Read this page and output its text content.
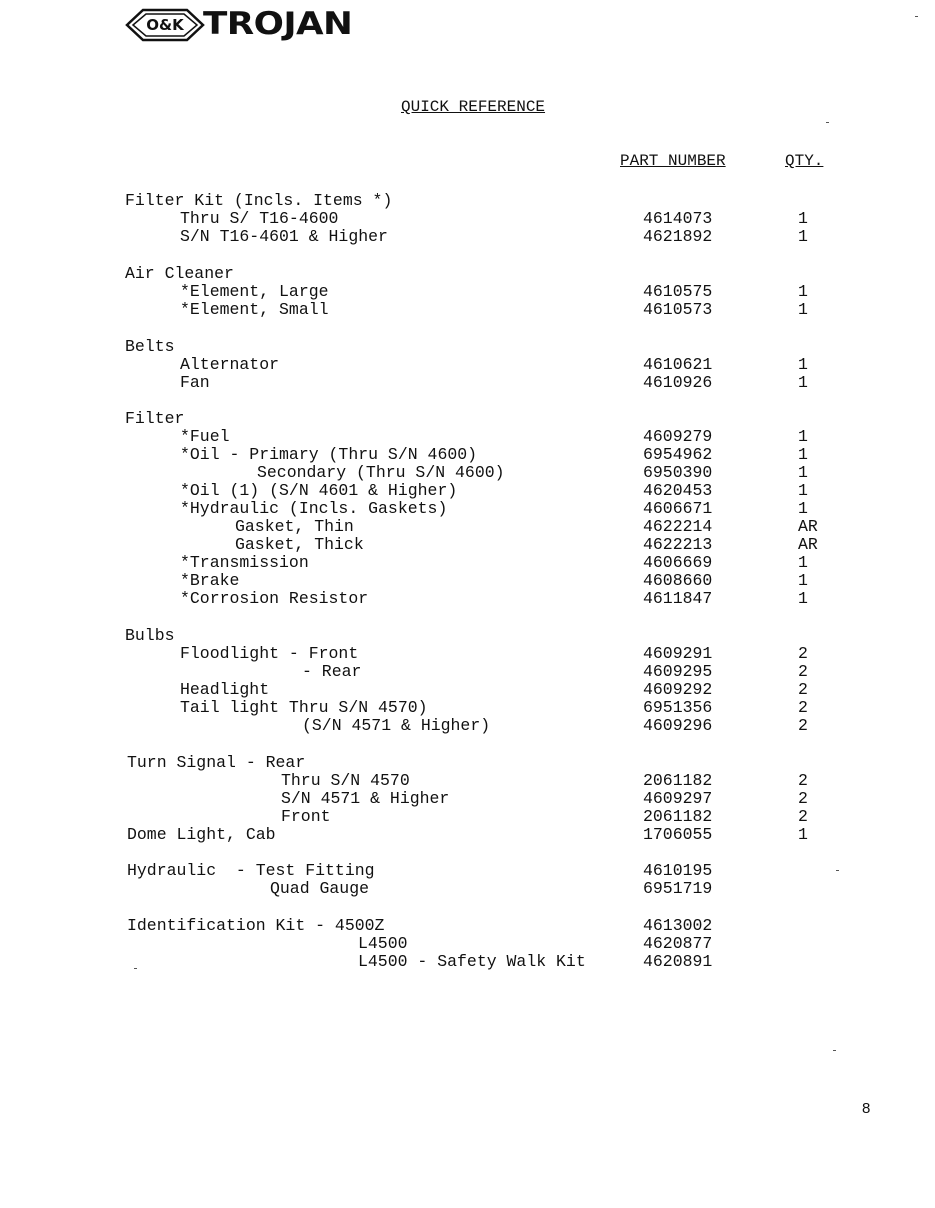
O&K TROJAN
QUICK REFERENCE
PART NUMBER	QTY.
Filter Kit (Incls. Items *)
Thru S/ T16-4600	4614073	1
S/N T16-4601 & Higher	4621892	1
Air Cleaner
*Element, Large	4610575	1
*Element, Small	4610573	1
Belts
Alternator	4610621	1
Fan	4610926	1
Filter
*Fuel	4609279	1
*Oil - Primary (Thru S/N 4600)	6954962	1
Secondary (Thru S/N 4600)	6950390	1
*Oil (1) (S/N 4601 & Higher)	4620453	1
*Hydraulic (Incls. Gaskets)	4606671	1
Gasket, Thin	4622214	AR
Gasket, Thick	4622213	AR
*Transmission	4606669	1
*Brake	4608660	1
*Corrosion Resistor	4611847	1
Bulbs
Floodlight - Front	4609291	2
- Rear	4609295	2
Headlight	4609292	2
Tail light Thru S/N 4570)	6951356	2
(S/N 4571 & Higher)	4609296	2
Turn Signal - Rear
Thru S/N 4570	2061182	2
S/N 4571 & Higher	4609297	2
Front	2061182	2
Dome Light, Cab	1706055	1
Hydraulic  - Test Fitting	4610195
Quad Gauge	6951719
Identification Kit - 4500Z	4613002
L4500	4620877
L4500 - Safety Walk Kit	4620891
8
